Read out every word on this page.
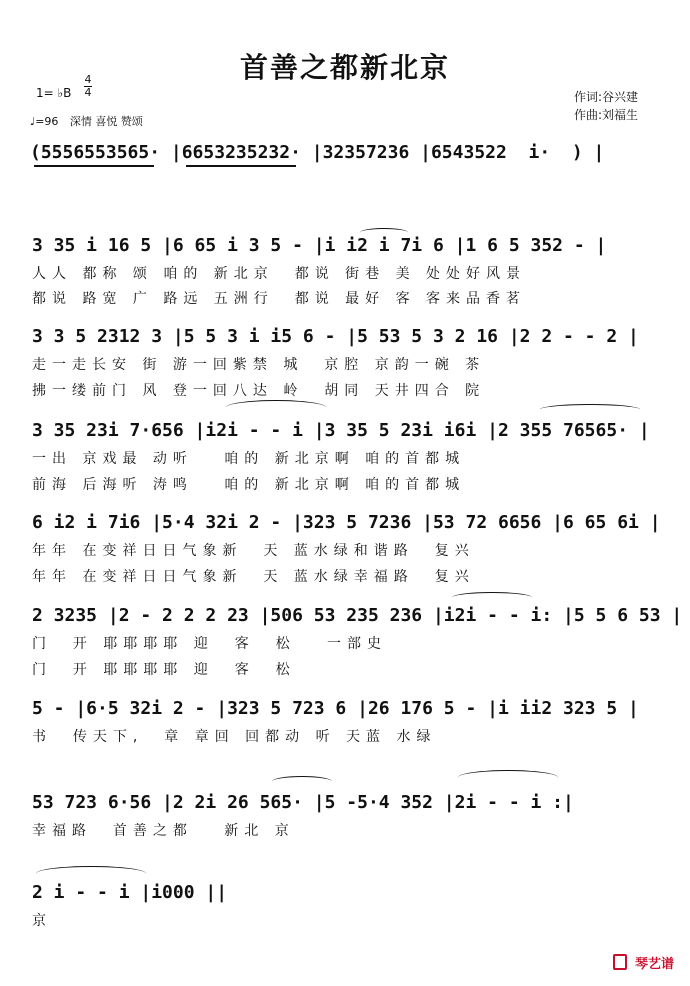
首善之都新北京
1= ♭B
4
4
♩=96 深情 喜悦 赞颂
作词:谷兴建
作曲:刘福生
(5556553565· |6653235232· |32357236 |6543522  i·  ) |
3 35 i 16 5 |6 65 i 3 5 - |i i2 i 7i 6 |1 6 5 352 - |
人人 都称 颂 咱的 新北京  都说 街巷 美 处处好风景
都说 路宽 广 路远 五洲行  都说 最好 客 客来品香茗
3 3 5 2312 3 |5 5 3 i i5 6 - |5 53 5 3 2 16 |2 2 - - 2 |
走一走长安 街 游一回紫禁 城  京腔 京韵一碗 茶
拂一缕前门 风 登一回八达 岭  胡同 天井四合 院
3 35 23i 7·656 |i2i - - i |3 35 5 23i i6i |2 355 76565· |
一出 京戏最 动听   咱的 新北京啊 咱的首都城
前海 后海听 涛鸣   咱的 新北京啊 咱的首都城
6 i2 i 7i6 |5·4 32i 2 - |323 5 7236 |53 72 6656 |6 65 6i |
年年 在变祥日日气象新  天 蓝水绿和谐路  复兴
年年 在变祥日日气象新  天 蓝水绿幸福路  复兴
2 3235 |2 - 2 2 2 23 |506 53 235 236 |i2i - - i: |5 5 6 53 |
门  开 耶耶耶耶 迎  客  松   一部史
门  开 耶耶耶耶 迎  客  松
5 - |6·5 32i 2 - |323 5 723 6 |26 176 5 - |i ii2 323 5 |
书  传天下,  章 章回 回都动 听 天蓝 水绿
53 723 6·56 |2 2i 26 565· |5 -5·4 352 |2i - - i :|
幸福路  首善之都   新北 京
2 i - - i |i000 ||
京
琴艺谱
